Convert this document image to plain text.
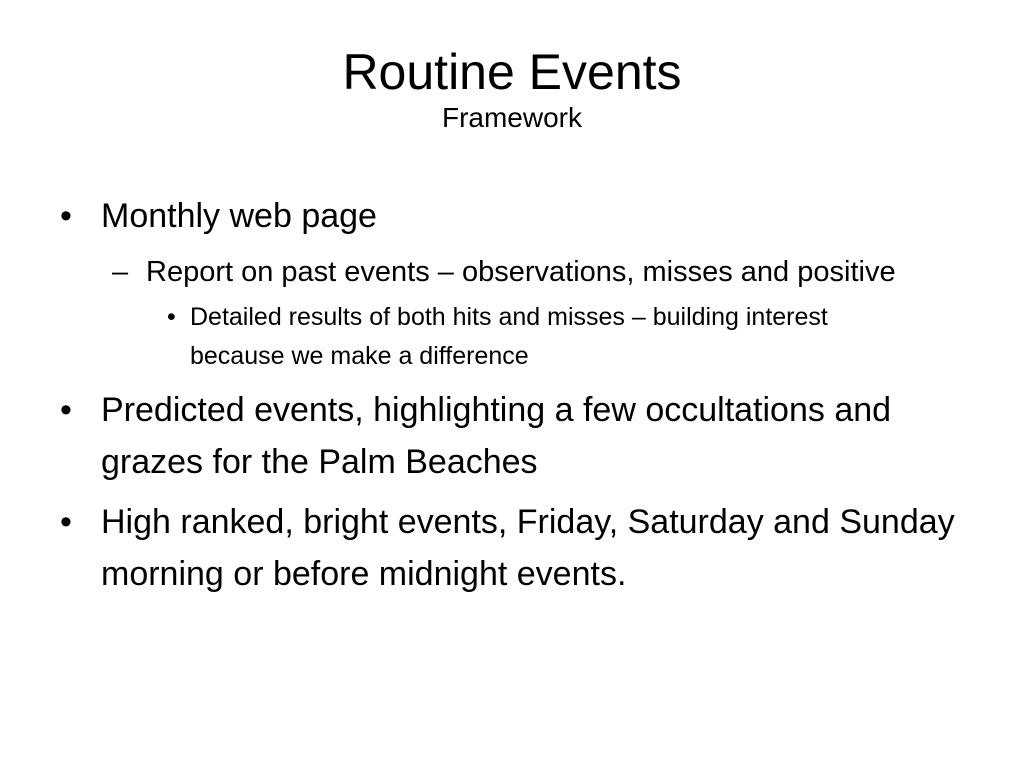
Routine Events

Framework

• Monthly web page
– Report on past events – observations, misses and positive
• Detailed results of both hits and misses – building interest because we make a difference
• Predicted events, highlighting a few occultations and grazes for the Palm Beaches
• High ranked, bright events, Friday, Saturday and Sunday morning or before midnight events.
